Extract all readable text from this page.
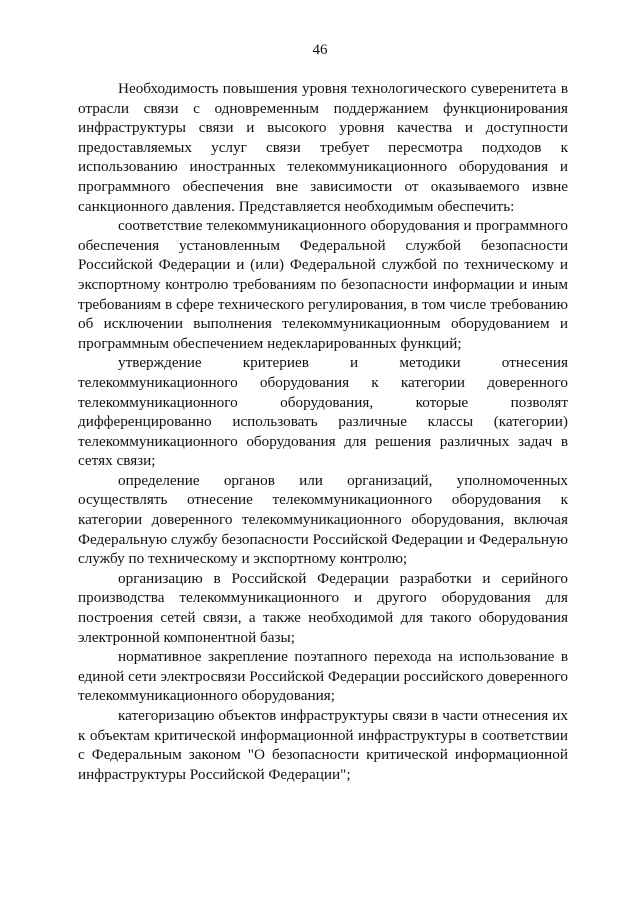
46

Необходимость повышения уровня технологического суверенитета в отрасли связи с одновременным поддержанием функционирования инфраструктуры связи и высокого уровня качества и доступности предоставляемых услуг связи требует пересмотра подходов к использованию иностранных телекоммуникационного оборудования и программного обеспечения вне зависимости от оказываемого извне санкционного давления. Представляется необходимым обеспечить:

соответствие телекоммуникационного оборудования и программного обеспечения установленным Федеральной службой безопасности Российской Федерации и (или) Федеральной службой по техническому и экспортному контролю требованиям по безопасности информации и иным требованиям в сфере технического регулирования, в том числе требованию об исключении выполнения телекоммуникационным оборудованием и программным обеспечением недекларированных функций;

утверждение критериев и методики отнесения телекоммуникационного оборудования к категории доверенного телекоммуникационного оборудования, которые позволят дифференцированно использовать различные классы (категории) телекоммуникационного оборудования для решения различных задач в сетях связи;

определение органов или организаций, уполномоченных осуществлять отнесение телекоммуникационного оборудования к категории доверенного телекоммуникационного оборудования, включая Федеральную службу безопасности Российской Федерации и Федеральную службу по техническому и экспортному контролю;

организацию в Российской Федерации разработки и серийного производства телекоммуникационного и другого оборудования для построения сетей связи, а также необходимой для такого оборудования электронной компонентной базы;

нормативное закрепление поэтапного перехода на использование в единой сети электросвязи Российской Федерации российского доверенного телекоммуникационного оборудования;

категоризацию объектов инфраструктуры связи в части отнесения их к объектам критической информационной инфраструктуры в соответствии с Федеральным законом "О безопасности критической информационной инфраструктуры Российской Федерации";
